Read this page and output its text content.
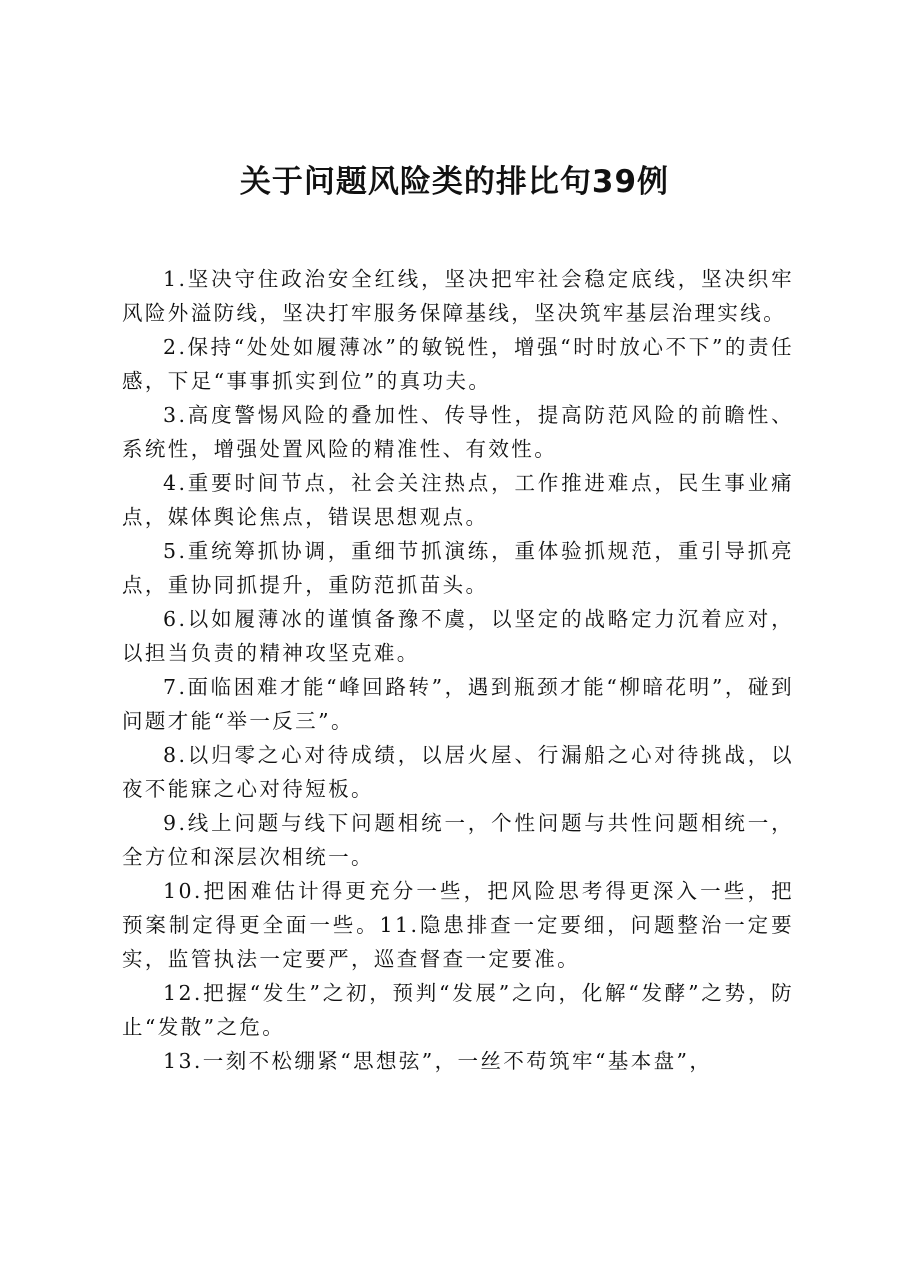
关于问题风险类的排比句39例

1.坚决守住政治安全红线，坚决把牢社会稳定底线，坚决织牢风险外溢防线，坚决打牢服务保障基线，坚决筑牢基层治理实线。

2.保持“处处如履薄冰”的敏锐性，增强“时时放心不下”的责任感，下足“事事抓实到位”的真功夫。

3.高度警惕风险的叠加性、传导性，提高防范风险的前瞻性、系统性，增强处置风险的精准性、有效性。

4.重要时间节点，社会关注热点，工作推进难点，民生事业痛点，媒体舆论焦点，错误思想观点。

5.重统筹抓协调，重细节抓演练，重体验抓规范，重引导抓亮点，重协同抓提升，重防范抓苗头。

6.以如履薄冰的谨慎备豫不虞，以坚定的战略定力沉着应对，以担当负责的精神攻坚克难。

7.面临困难才能“峰回路转”，遇到瓶颈才能“柳暗花明”，碰到问题才能“举一反三”。

8.以归零之心对待成绩，以居火屋、行漏船之心对待挑战，以夜不能寐之心对待短板。

9.线上问题与线下问题相统一，个性问题与共性问题相统一，全方位和深层次相统一。

10.把困难估计得更充分一些，把风险思考得更深入一些，把预案制定得更全面一些。11.隐患排查一定要细，问题整治一定要实，监管执法一定要严，巡查督查一定要准。

12.把握“发生”之初，预判“发展”之向，化解“发酵”之势，防止“发散”之危。

13.一刻不松绷紧“思想弦”，一丝不苟筑牢“基本盘”，
